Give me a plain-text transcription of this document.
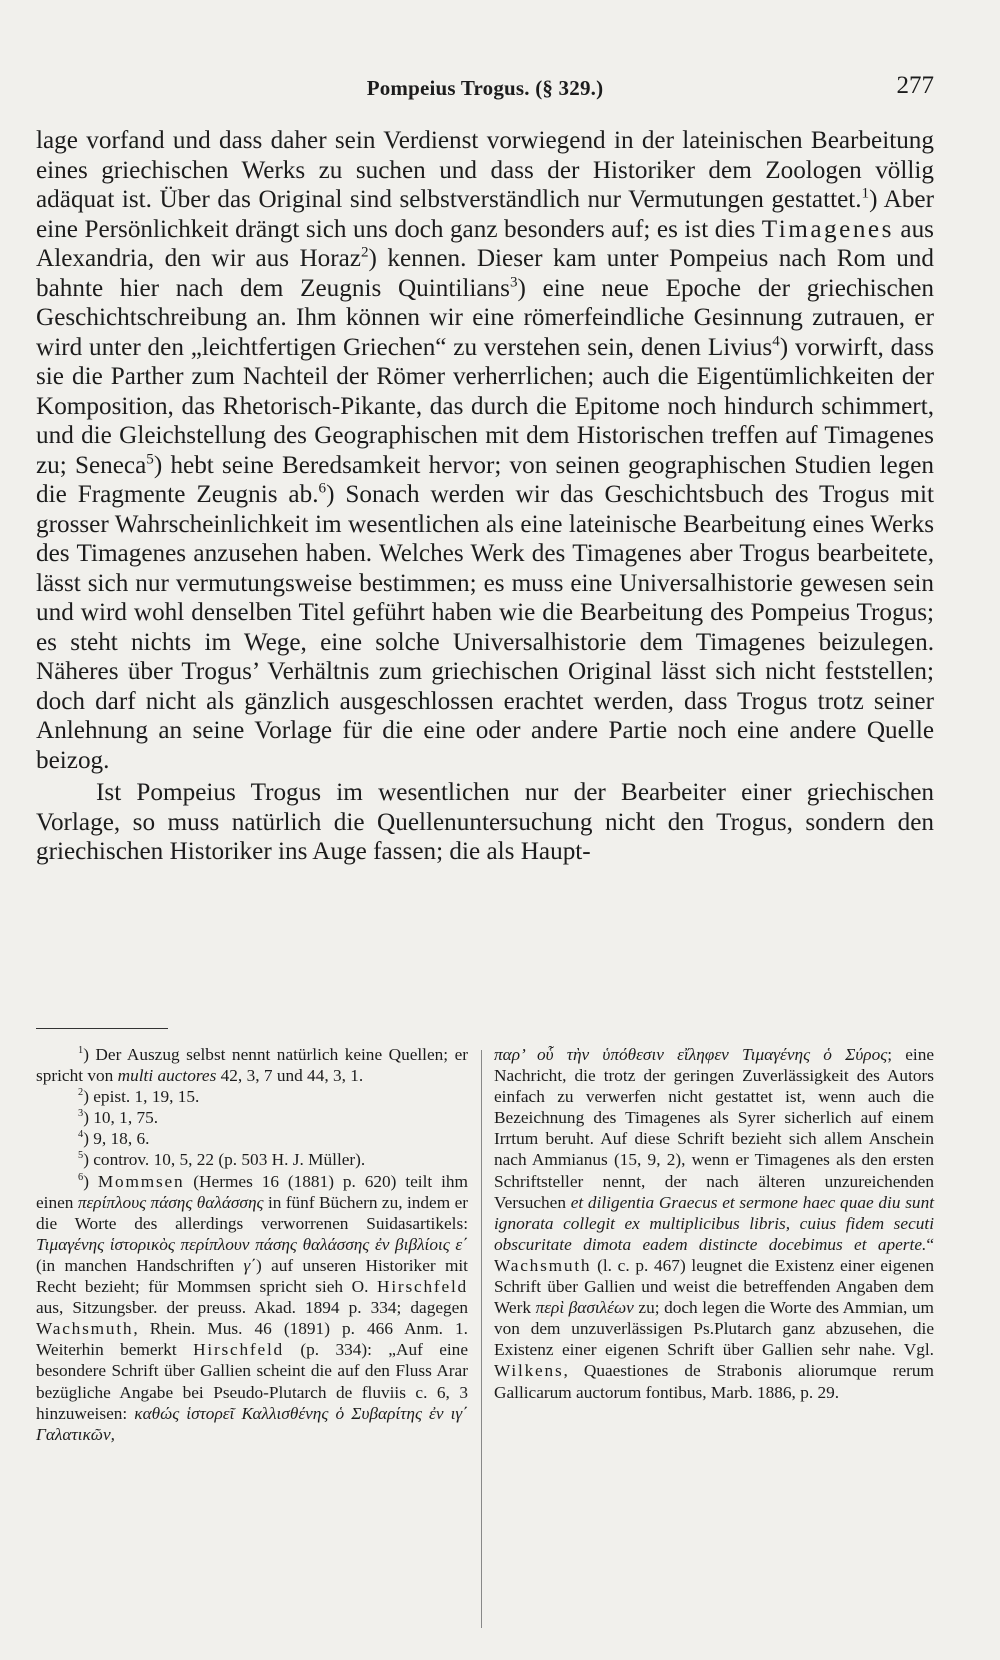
Pompeius Trogus. (§ 329.)	277

lage vorfand und dass daher sein Verdienst vorwiegend in der lateinischen Bearbeitung eines griechischen Werks zu suchen und dass der Historiker dem Zoologen völlig adäquat ist. Über das Original sind selbstverständlich nur Vermutungen gestattet.$^1$) Aber eine Persönlichkeit drängt sich uns doch ganz besonders auf; es ist dies Timagenes aus Alexandria, den wir aus Horaz$^2$) kennen. Dieser kam unter Pompeius nach Rom und bahnte hier nach dem Zeugnis Quintilians$^3$) eine neue Epoche der griechischen Geschichtschreibung an. Ihm können wir eine römerfeindliche Gesinnung zutrauen, er wird unter den „leichtfertigen Griechen“ zu verstehen sein, denen Livius$^4$) vorwirft, dass sie die Parther zum Nachteil der Römer verherrlichen; auch die Eigentümlichkeiten der Komposition, das Rhetorisch-Pikante, das durch die Epitome noch hindurch schimmert, und die Gleichstellung des Geographischen mit dem Historischen treffen auf Timagenes zu; Seneca$^5$) hebt seine Beredsamkeit hervor; von seinen geographischen Studien legen die Fragmente Zeugnis ab.$^6$) Sonach werden wir das Geschichtsbuch des Trogus mit grosser Wahrscheinlichkeit im wesentlichen als eine lateinische Bearbeitung eines Werks des Timagenes anzusehen haben. Welches Werk des Timagenes aber Trogus bearbeitete, lässt sich nur vermutungsweise bestimmen; es muss eine Universalhistorie gewesen sein und wird wohl denselben Titel geführt haben wie die Bearbeitung des Pompeius Trogus; es steht nichts im Wege, eine solche Universalhistorie dem Timagenes beizulegen. Näheres über Trogus’ Verhältnis zum griechischen Original lässt sich nicht feststellen; doch darf nicht als gänzlich ausgeschlossen erachtet werden, dass Trogus trotz seiner Anlehnung an seine Vorlage für die eine oder andere Partie noch eine andere Quelle beizog.

Ist Pompeius Trogus im wesentlichen nur der Bearbeiter einer griechischen Vorlage, so muss natürlich die Quellenuntersuchung nicht den Trogus, sondern den griechischen Historiker ins Auge fassen; die als Haupt-

$^1$) Der Auszug selbst nennt natürlich keine Quellen; er spricht von multi auctores 42, 3, 7 und 44, 3, 1.

$^2$) epist. 1, 19, 15.

$^3$) 10, 1, 75.

$^4$) 9, 18, 6.

$^5$) controv. 10, 5, 22 (p. 503 H. J. Müller).

$^6$) Mommsen (Hermes 16 (1881) p. 620) teilt ihm einen περίπλους πάσης θαλάσσης in fünf Büchern zu, indem er die Worte des allerdings verworrenen Suidasartikels: Τιμαγένης ἱστορικὸς περίπλουν πάσης θαλάσσης ἐν βιβλίοις ε΄ (in manchen Handschriften γ΄) auf unseren Historiker mit Recht bezieht; für Mommsen spricht sieh O. Hirschfeld aus, Sitzungsber. der preuss. Akad. 1894 p. 334; dagegen Wachsmuth, Rhein. Mus. 46 (1891) p. 466 Anm. 1. Weiterhin bemerkt Hirschfeld (p. 334): „Auf eine besondere Schrift über Gallien scheint die auf den Fluss Arar bezügliche Angabe bei Pseudo-Plutarch de fluviis c. 6, 3 hinzuweisen: καθώς ἱστορεῖ Καλλισθένης ὁ Συβαρίτης ἐν ιγ΄ Γαλατικῶν,

παρ’ οὗ τὴν ὑπόθεσιν εἴληφεν Τιμαγένης ὁ Σύρος; eine Nachricht, die trotz der geringen Zuverlässigkeit des Autors einfach zu verwerfen nicht gestattet ist, wenn auch die Bezeichnung des Timagenes als Syrer sicherlich auf einem Irrtum beruht. Auf diese Schrift bezieht sich allem Anschein nach Ammianus (15, 9, 2), wenn er Timagenes als den ersten Schriftsteller nennt, der nach älteren unzureichenden Versuchen et diligentia Graecus et sermone haec quae diu sunt ignorata collegit ex multiplicibus libris, cuius fidem secuti obscuritate dimota eadem distincte docebimus et aperte.“ Wachsmuth (l. c. p. 467) leugnet die Existenz einer eigenen Schrift über Gallien und weist die betreffenden Angaben dem Werk περὶ βασιλέων zu; doch legen die Worte des Ammian, um von dem unzuverlässigen Ps.Plutarch ganz abzusehen, die Existenz einer eigenen Schrift über Gallien sehr nahe. Vgl. Wilkens, Quaestiones de Strabonis aliorumque rerum Gallicarum auctorum fontibus, Marb. 1886, p. 29.
